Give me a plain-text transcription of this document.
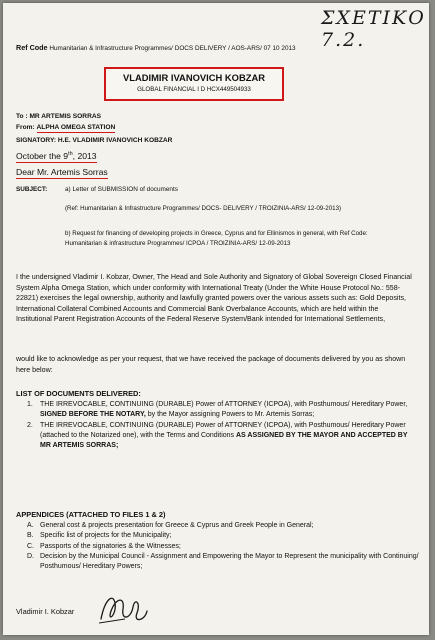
ΣΧΕΤΙΚΟ 7.2.
Ref Code Humanitarian & Infrastructure Programmes/ DOCS DELIVERY / AOS-ARS/ 07 10 2013
VLADIMIR IVANOVICH KOBZAR
GLOBAL FINANCIAL I D HCX449504933
To : MR ARTEMIS SORRAS
From: ALPHA OMEGA STATION
SIGNATORY: H.E. VLADIMIR IVANOVICH KOBZAR
October the 9th, 2013
Dear Mr. Artemis Sorras
SUBJECT:	a) Letter of SUBMISSION of documents
(Ref: Humanitarian & Infrastructure Programmes/ DOCS- DELIVERY / TROIZINIA-ARS/ 12-09-2013)
b) Request for financing of developing projects in Greece, Cyprus and for Ellinismos in general, with Ref Code: Humanitarian & infrastructure Programmes/ ICPOA / TROIZINIA-ARS/ 12-09-2013
I the undersigned Vladimir I. Kobzar, Owner, The Head and Sole Authority and Signatory of Global Sovereign Closed Financial System Alpha Omega Station, which under conformity with International Treaty (Under the White House Protocol No.: 558-22821) exercises the legal ownership, authority and lawfully granted powers over the various assets such as: Gold Deposits, International Collateral Combined Accounts and Commercial Bank Overbalance Accounts, which are held within the Institutional Parent Registration Accounts of the Federal Reserve System/Bank intended for International Settlements,
would like to acknowledge as per your request, that we have received the package of documents delivered by you as shown here below:
LIST OF DOCUMENTS DELIVERED:
1.	THE IRREVOCABLE, CONTINUING (DURABLE) Power of ATTORNEY (ICPOA), with Posthumous/ Hereditary Power, SIGNED BEFORE THE NOTARY, by the Mayor assigning Powers to Mr. Artemis Sorras;
2.	THE IRREVOCABLE, CONTINUING (DURABLE) Power of ATTORNEY (ICPOA), with Posthumous/ Hereditary Power (attached to the Notarized one), with the Terms and Conditions AS ASSIGNED BY THE MAYOR AND ACCEPTED BY MR ARTEMIS SORRAS;
APPENDICES (ATTACHED TO FILES 1 & 2)
A. General cost & projects presentation for Greece & Cyprus and Greek People in General;
B. Specific list of projects for the Municipality;
C. Passports of the signatories & the Witnesses;
D. Decision by the Municipal Council - Assignment and Empowering the Mayor to Represent the municipality with Continuing/ Posthumous/ Hereditary Powers;
Vladimir I. Kobzar
